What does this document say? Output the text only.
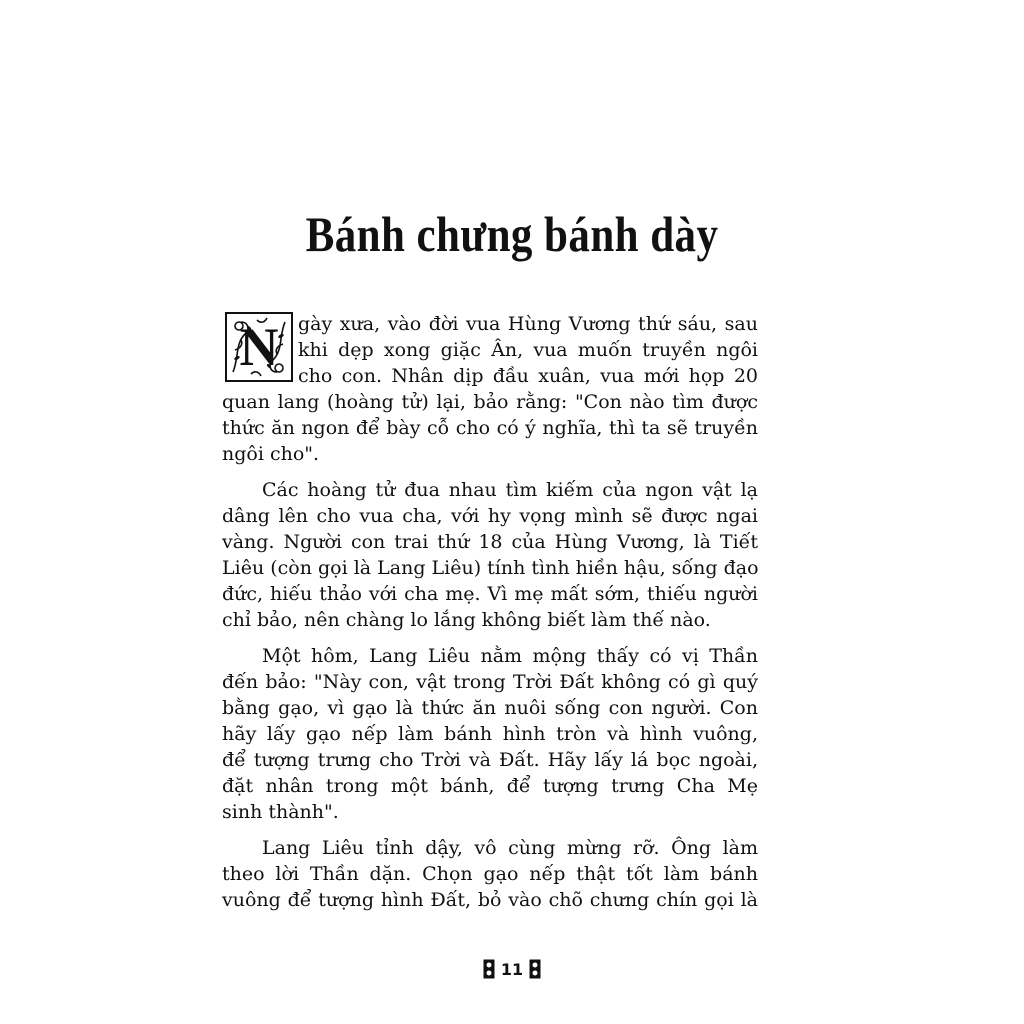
Bánh chưng bánh dày
N gày xưa, vào đời vua Hùng Vương thứ sáu, sau
khi dẹp xong giặc Ân, vua muốn truyền ngôi
cho con. Nhân dịp đầu xuân, vua mới họp 20
quan lang (hoàng tử) lại, bảo rằng: "Con nào tìm được
thức ăn ngon để bày cỗ cho có ý nghĩa, thì ta sẽ truyền
ngôi cho".
Các hoàng tử đua nhau tìm kiếm của ngon vật lạ
dâng lên cho vua cha, với hy vọng mình sẽ được ngai
vàng. Người con trai thứ 18 của Hùng Vương, là Tiết
Liêu (còn gọi là Lang Liêu) tính tình hiền hậu, sống đạo
đức, hiếu thảo với cha mẹ. Vì mẹ mất sớm, thiếu người
chỉ bảo, nên chàng lo lắng không biết làm thế nào.
Một hôm, Lang Liêu nằm mộng thấy có vị Thần
đến bảo: "Này con, vật trong Trời Đất không có gì quý
bằng gạo, vì gạo là thức ăn nuôi sống con người. Con
hãy lấy gạo nếp làm bánh hình tròn và hình vuông,
để tượng trưng cho Trời và Đất. Hãy lấy lá bọc ngoài,
đặt nhân trong một bánh, để tượng trưng Cha Mẹ
sinh thành".
Lang Liêu tỉnh dậy, vô cùng mừng rỡ. Ông làm
theo lời Thần dặn. Chọn gạo nếp thật tốt làm bánh
vuông để tượng hình Đất, bỏ vào chõ chưng chín gọi là
11
